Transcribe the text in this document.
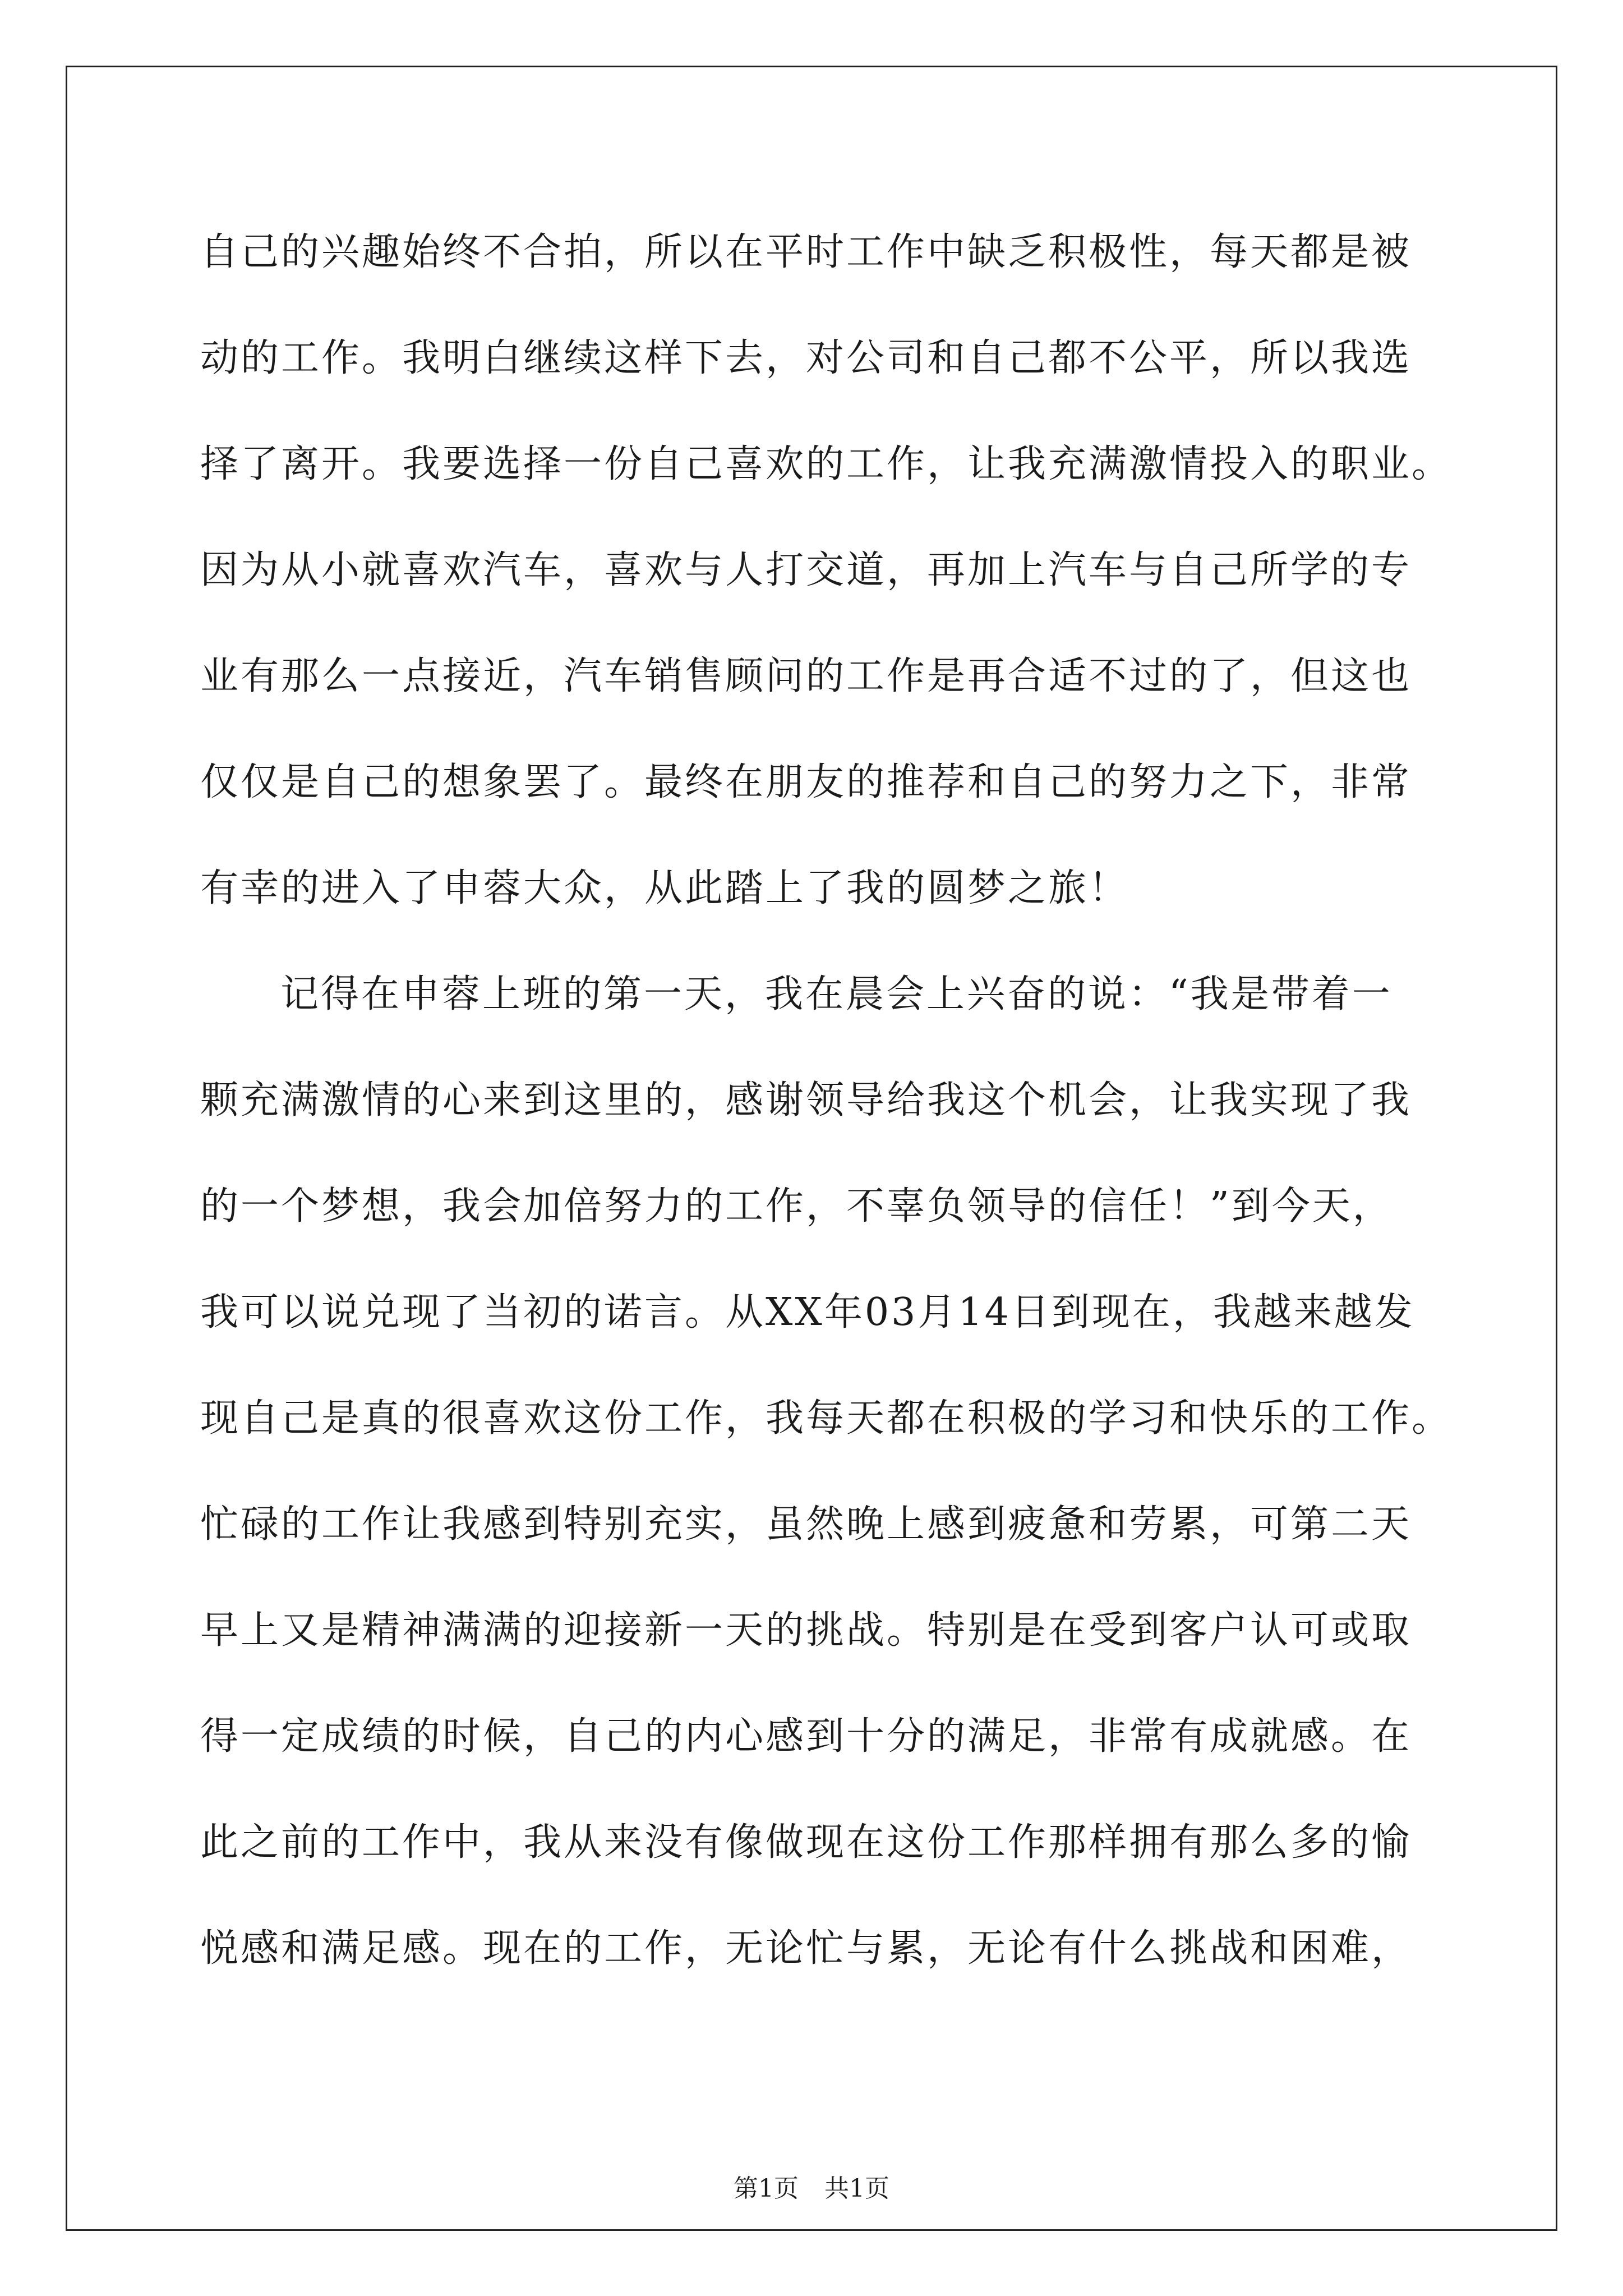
自己的兴趣始终不合拍，所以在平时工作中缺乏积极性，每天都是被
动的工作。我明白继续这样下去，对公司和自己都不公平，所以我选
择了离开。我要选择一份自己喜欢的工作，让我充满激情投入的职业。
因为从小就喜欢汽车，喜欢与人打交道，再加上汽车与自己所学的专
业有那么一点接近，汽车销售顾问的工作是再合适不过的了，但这也
仅仅是自己的想象罢了。最终在朋友的推荐和自己的努力之下，非常
有幸的进入了申蓉大众，从此踏上了我的圆梦之旅！
记得在申蓉上班的第一天，我在晨会上兴奋的说：“我是带着一
颗充满激情的心来到这里的，感谢领导给我这个机会，让我实现了我
的一个梦想，我会加倍努力的工作，不辜负领导的信任！”到今天，
我可以说兑现了当初的诺言。从XX年03月14日到现在，我越来越发
现自己是真的很喜欢这份工作，我每天都在积极的学习和快乐的工作。
忙碌的工作让我感到特别充实，虽然晚上感到疲惫和劳累，可第二天
早上又是精神满满的迎接新一天的挑战。特别是在受到客户认可或取
得一定成绩的时候，自己的内心感到十分的满足，非常有成就感。在
此之前的工作中，我从来没有像做现在这份工作那样拥有那么多的愉
悦感和满足感。现在的工作，无论忙与累，无论有什么挑战和困难，
第1页 共1页
